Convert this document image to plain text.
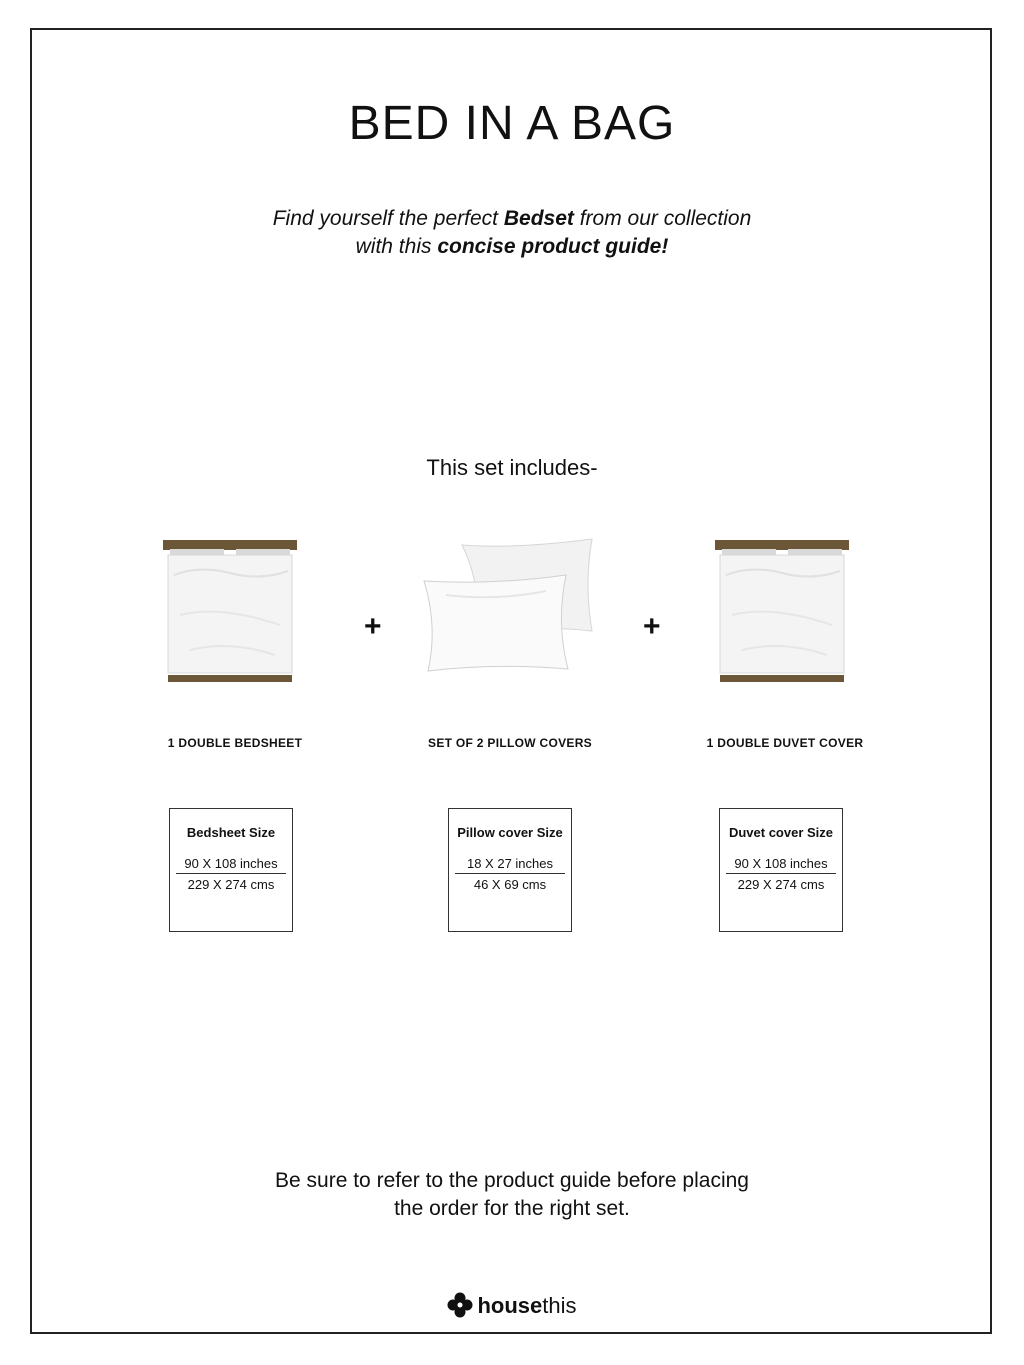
BED IN A BAG
Find yourself the perfect Bedset from our collection
with this concise product guide!
This set includes-
+	+
1 DOUBLE BEDSHEET	SET OF 2 PILLOW COVERS	1 DOUBLE DUVET COVER
Bedsheet Size
90 X 108 inches
229 X 274 cms
Pillow cover Size
18 X 27 inches
46 X 69 cms
Duvet cover Size
90 X 108 inches
229 X 274 cms
Be sure to refer to the product guide before placing
the order for the right set.
housethis
